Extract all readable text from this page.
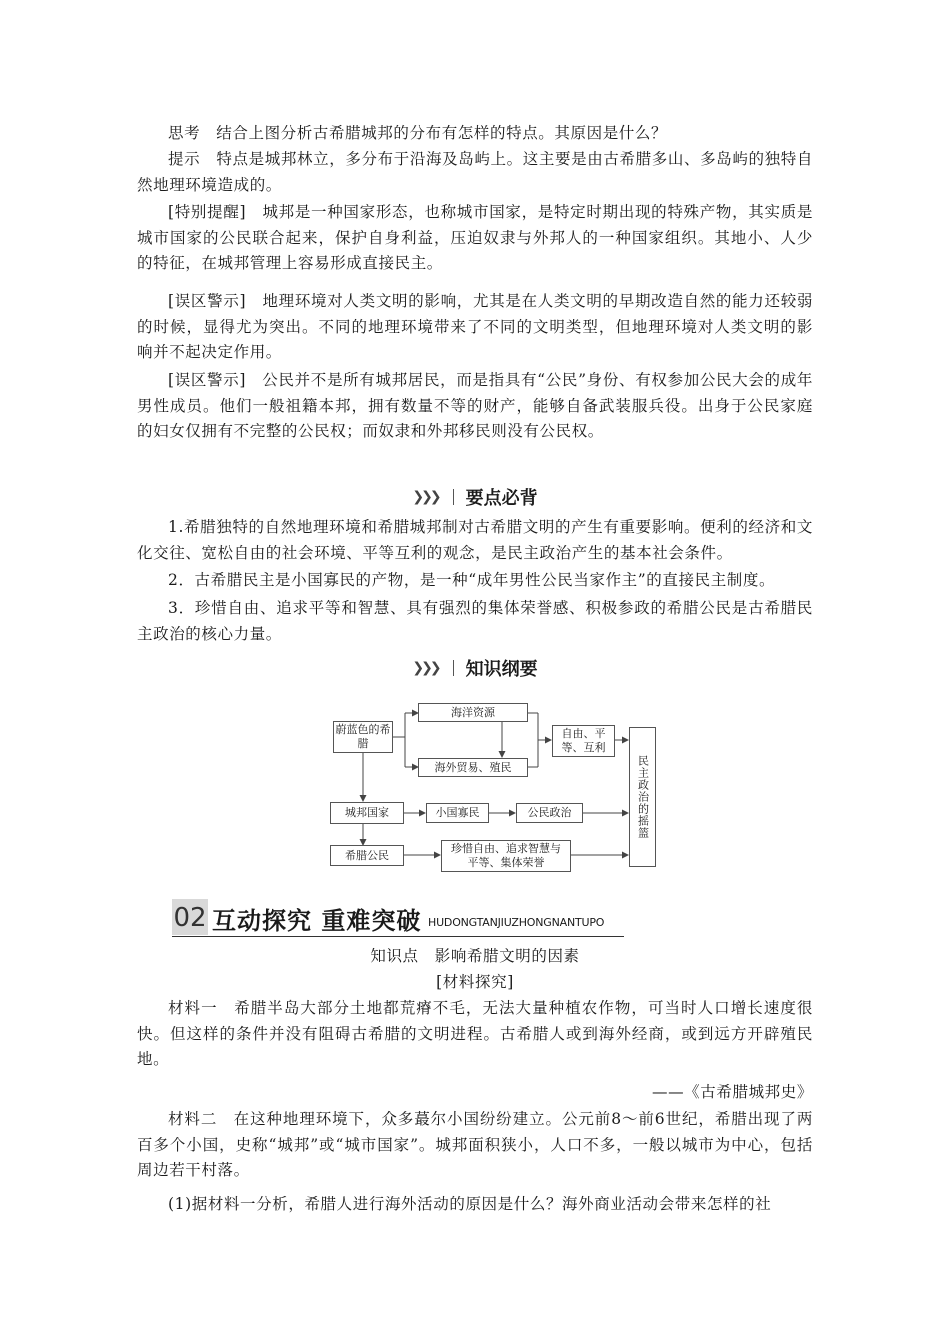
思考　结合上图分析古希腊城邦的分布有怎样的特点。其原因是什么？
提示　特点是城邦林立，多分布于沿海及岛屿上。这主要是由古希腊多山、多岛屿的独特自然地理环境造成的。
[特别提醒]　城邦是一种国家形态，也称城市国家，是特定时期出现的特殊产物，其实质是城市国家的公民联合起来，保护自身利益，压迫奴隶与外邦人的一种国家组织。其地小、人少的特征，在城邦管理上容易形成直接民主。
[误区警示]　地理环境对人类文明的影响，尤其是在人类文明的早期改造自然的能力还较弱的时候，显得尤为突出。不同的地理环境带来了不同的文明类型，但地理环境对人类文明的影响并不起决定作用。
[误区警示]　公民并不是所有城邦居民，而是指具有“公民”身份、有权参加公民大会的成年男性成员。他们一般祖籍本邦，拥有数量不等的财产，能够自备武装服兵役。出身于公民家庭的妇女仅拥有不完整的公民权；而奴隶和外邦移民则没有公民权。
❯❯❯ 要点必背
1.希腊独特的自然地理环境和希腊城邦制对古希腊文明的产生有重要影响。便利的经济和文化交往、宽松自由的社会环境、平等互利的观念，是民主政治产生的基本社会条件。
2．古希腊民主是小国寡民的产物，是一种“成年男性公民当家作主”的直接民主制度。
3．珍惜自由、追求平等和智慧、具有强烈的集体荣誉感、积极参政的希腊公民是古希腊民主政治的核心力量。
❯❯❯ 知识纲要
蔚蓝色的希腊
海洋资源
海外贸易、殖民
自由、平等、互利
城邦国家	小国寡民	公民政治
希腊公民	珍惜自由、追求智慧与平等、集体荣誉
民主政治的摇篮
02 互动探究 重难突破 HUDONGTANJIUZHONGNANTUPO
知识点　影响希腊文明的因素
[材料探究]
材料一　希腊半岛大部分土地都荒瘠不毛，无法大量种植农作物，可当时人口增长速度很快。但这样的条件并没有阻碍古希腊的文明进程。古希腊人或到海外经商，或到远方开辟殖民地。
——《古希腊城邦史》
材料二　在这种地理环境下，众多蕞尔小国纷纷建立。公元前8～前6世纪，希腊出现了两百多个小国，史称“城邦”或“城市国家”。城邦面积狭小，人口不多，一般以城市为中心，包括周边若干村落。
(1)据材料一分析，希腊人进行海外活动的原因是什么？海外商业活动会带来怎样的社
